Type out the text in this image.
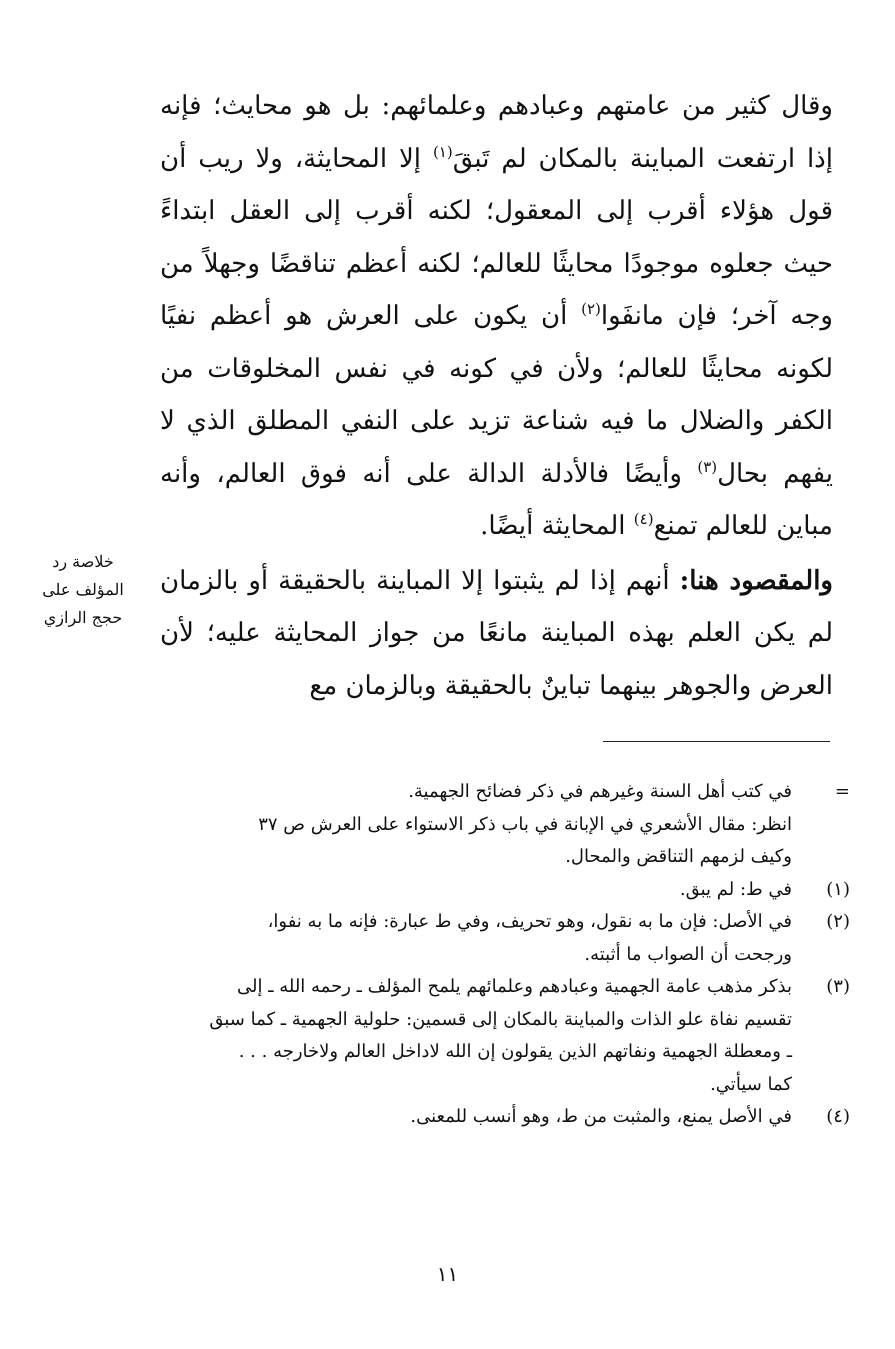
وقال كثير من عامتهم وعبادهم وعلمائهم: بل هو محايث؛ فإنه إذا ارتفعت المباينة بالمكان لم تَبقَ$^{(١)}$ إلا المحايثة، ولا ريب أن قول هؤلاء أقرب إلى المعقول؛ لكنه أقرب إلى العقل ابتداءً حيث جعلوه موجودًا محايثًا للعالم؛ لكنه أعظم تناقضًا وجهلاً من وجه آخر؛ فإن مانفَوا$^{(٢)}$ أن يكون على العرش هو أعظم نفيًا لكونه محايثًا للعالم؛ ولأن في كونه في نفس المخلوقات من الكفر والضلال ما فيه شناعة تزيد على النفي المطلق الذي لا يفهم بحال$^{(٣)}$ وأيضًا فالأدلة الدالة على أنه فوق العالم، وأنه مباين للعالم تمنع$^{(٤)}$ المحايثة أيضًا.

والمقصود هنا: أنهم إذا لم يثبتوا إلا المباينة بالحقيقة أو بالزمان لم يكن العلم بهذه المباينة مانعًا من جواز المحايثة عليه؛ لأن العرض والجوهر بينهما تباينٌ بالحقيقة وبالزمان مع

خلاصة رد
المؤلف على
حجج الرازي
=
في كتب أهل السنة وغيرهم في ذكر فضائح الجهمية.
انظر: مقال الأشعري في الإبانة في باب ذكر الاستواء على العرش ص ٣٧
وكيف لزمهم التناقض والمحال.
(١)
في ط: لم يبق.
(٢)
في الأصل: فإن ما به نقول، وهو تحريف، وفي ط عبارة: فإنه ما به نفوا،
ورجحت أن الصواب ما أثبته.
(٣)
بذكر مذهب عامة الجهمية وعبادهم وعلمائهم يلمح المؤلف ـ رحمه الله ـ إلى
تقسيم نفاة علو الذات والمباينة بالمكان إلى قسمين: حلولية الجهمية ـ كما سبق
ـ ومعطلة الجهمية ونفاتهم الذين يقولون إن الله لاداخل العالم ولاخارجه . . .
كما سيأتي.
(٤)
في الأصل يمنع، والمثبت من ط، وهو أنسب للمعنى.
١١
